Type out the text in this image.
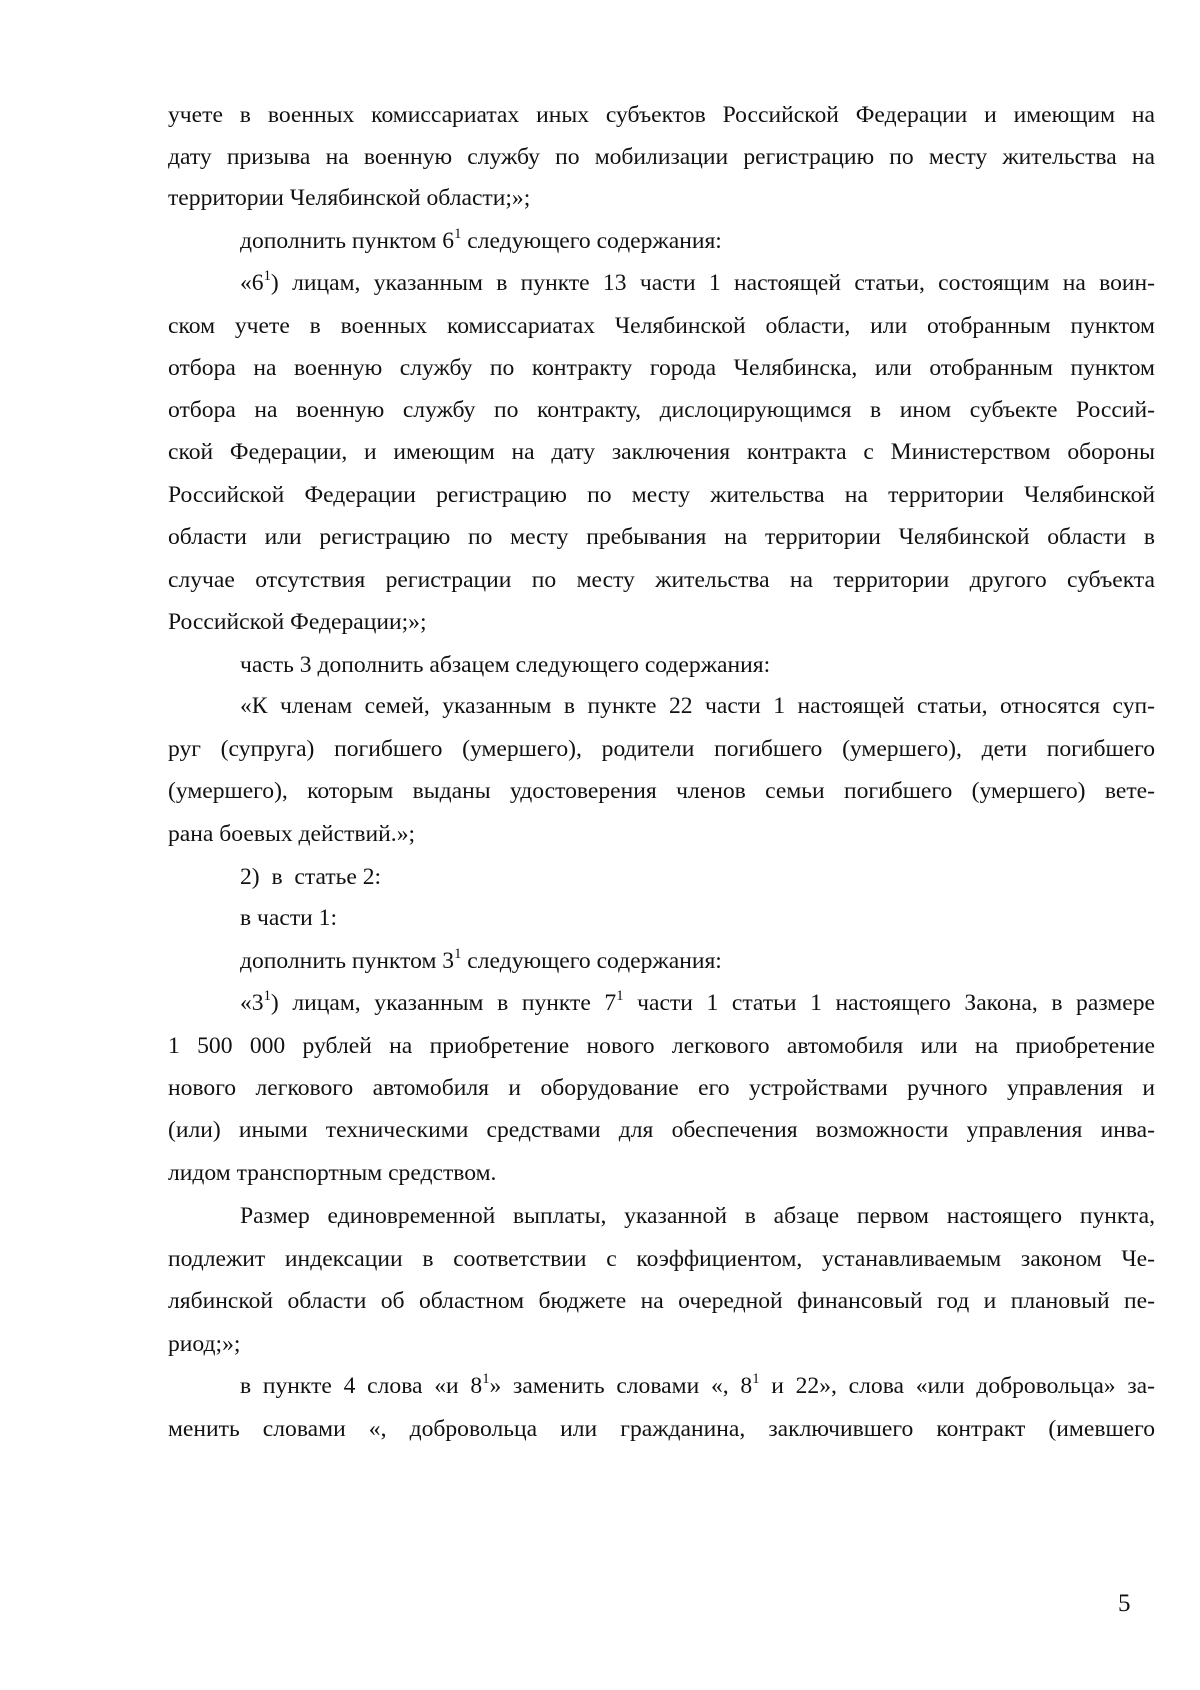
учете в военных комиссариатах иных субъектов Российской Федерации и имеющим на
дату призыва на военную службу по мобилизации регистрацию по месту жительства на
территории Челябинской области;»;
дополнить пунктом $6^1$ следующего содержания:
«$6^1$) лицам, указанным в пункте 13 части 1 настоящей статьи, состоящим на воин-
ском учете в военных комиссариатах Челябинской области, или отобранным пунктом
отбора на военную службу по контракту города Челябинска, или отобранным пунктом
отбора на военную службу по контракту, дислоцирующимся в ином субъекте Россий-
ской Федерации, и имеющим на дату заключения контракта с Министерством обороны
Российской Федерации регистрацию по месту жительства на территории Челябинской
области или регистрацию по месту пребывания на территории Челябинской области в
случае отсутствия регистрации по месту жительства на территории другого субъекта
Российской Федерации;»;
часть 3 дополнить абзацем следующего содержания:
«К членам семей, указанным в пункте 22 части 1 настоящей статьи, относятся суп-
руг (супруга) погибшего (умершего), родители погибшего (умершего), дети погибшего
(умершего), которым выданы удостоверения членов семьи погибшего (умершего) вете-
рана боевых действий.»;
2)  в  статье 2:
в части 1:
дополнить пунктом $3^1$ следующего содержания:
«$3^1$) лицам, указанным в пункте $7^1$ части 1 статьи 1 настоящего Закона, в размере
1 500 000 рублей на приобретение нового легкового автомобиля или на приобретение
нового легкового автомобиля и оборудование его устройствами ручного управления и
(или) иными техническими средствами для обеспечения возможности управления инва-
лидом транспортным средством.
Размер единовременной выплаты, указанной в абзаце первом настоящего пункта,
подлежит индексации в соответствии с коэффициентом, устанавливаемым законом Че-
лябинской области об областном бюджете на очередной финансовый год и плановый пе-
риод;»;
в пункте 4 слова «и $8^1$» заменить словами «, $8^1$ и 22», слова «или добровольца» за-
менить словами «, добровольца или гражданина, заключившего контракт (имевшего
5
